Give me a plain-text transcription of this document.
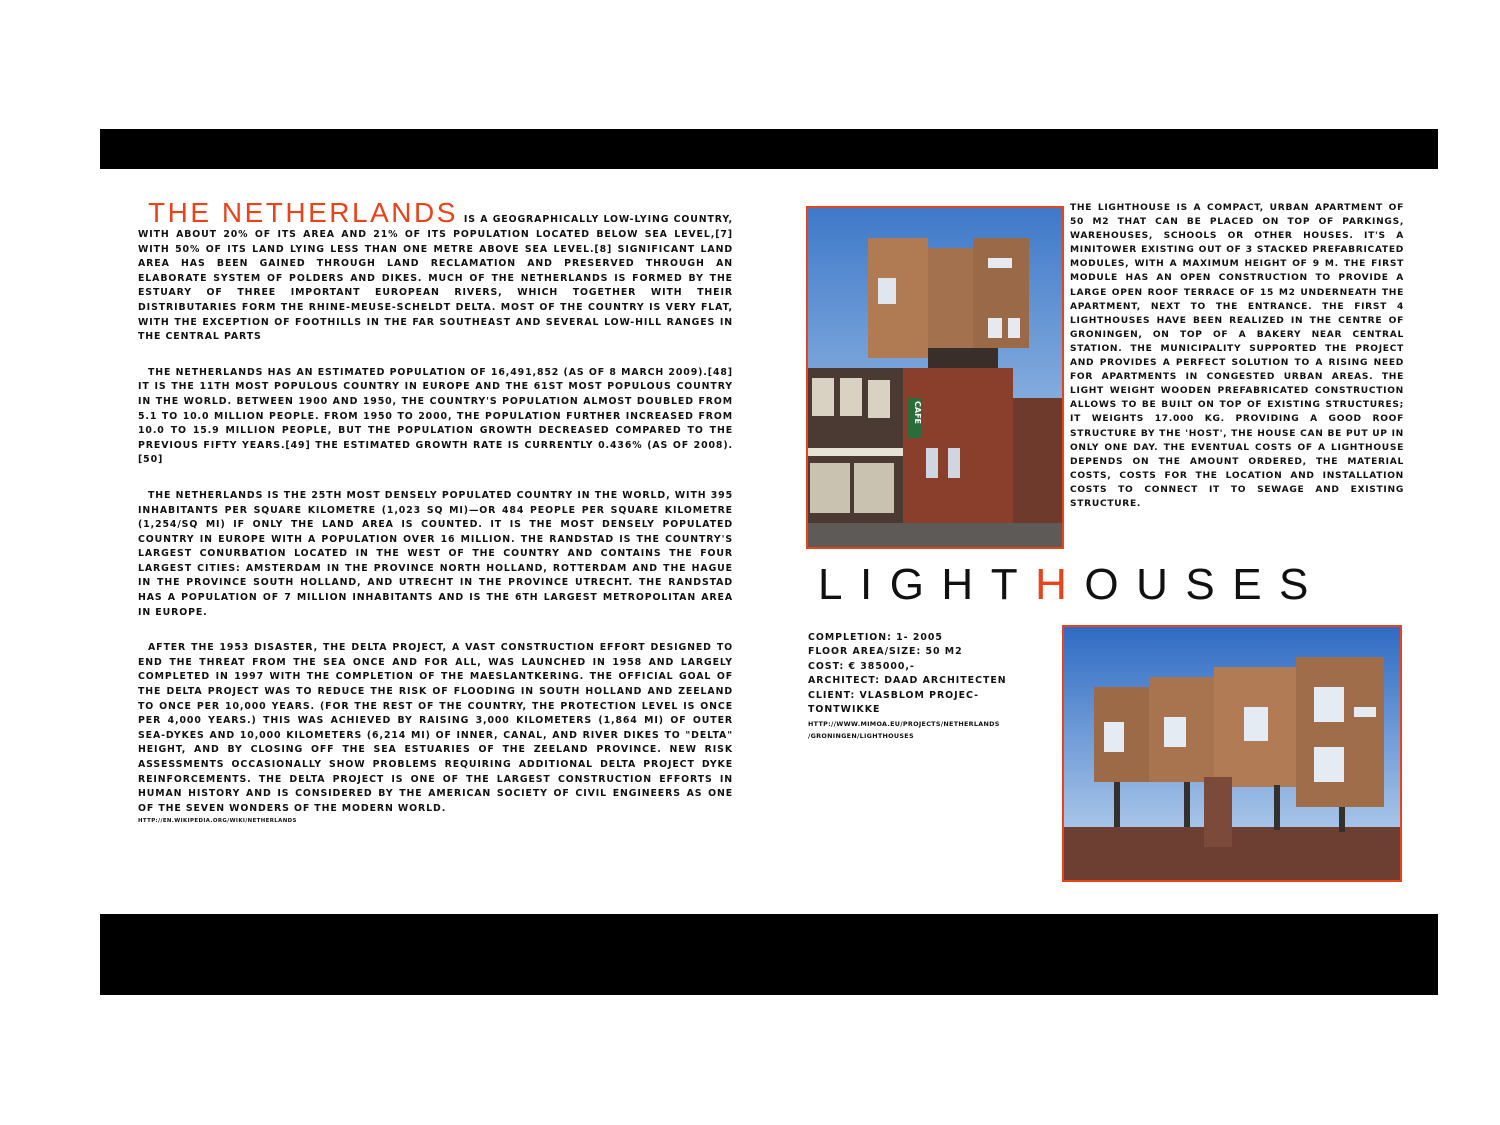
THE NETHERLANDS IS A GEOGRAPHICALLY LOW-LYING COUNTRY, WITH ABOUT 20% OF ITS AREA AND 21% OF ITS POPULATION LOCATED BELOW SEA LEVEL,[7] WITH 50% OF ITS LAND LYING LESS THAN ONE METRE ABOVE SEA LEVEL.[8] SIGNIFICANT LAND AREA HAS BEEN GAINED THROUGH LAND RECLAMATION AND PRESERVED THROUGH AN ELABORATE SYSTEM OF POLDERS AND DIKES. MUCH OF THE NETHERLANDS IS FORMED BY THE ESTUARY OF THREE IMPORTANT EUROPEAN RIVERS, WHICH TOGETHER WITH THEIR DISTRIBUTARIES FORM THE RHINE-MEUSE-SCHELDT DELTA. MOST OF THE COUNTRY IS VERY FLAT, WITH THE EXCEPTION OF FOOTHILLS IN THE FAR SOUTHEAST AND SEVERAL LOW-HILL RANGES IN THE CENTRAL PARTS

THE NETHERLANDS HAS AN ESTIMATED POPULATION OF 16,491,852 (AS OF 8 MARCH 2009).[48] IT IS THE 11TH MOST POPULOUS COUNTRY IN EUROPE AND THE 61ST MOST POPULOUS COUNTRY IN THE WORLD. BETWEEN 1900 AND 1950, THE COUNTRY'S POPULATION ALMOST DOUBLED FROM 5.1 TO 10.0 MILLION PEOPLE. FROM 1950 TO 2000, THE POPULATION FURTHER INCREASED FROM 10.0 TO 15.9 MILLION PEOPLE, BUT THE POPULATION GROWTH DECREASED COMPARED TO THE PREVIOUS FIFTY YEARS.[49] THE ESTIMATED GROWTH RATE IS CURRENTLY 0.436% (AS OF 2008).[50]

THE NETHERLANDS IS THE 25TH MOST DENSELY POPULATED COUNTRY IN THE WORLD, WITH 395 INHABITANTS PER SQUARE KILOMETRE (1,023 SQ MI)—OR 484 PEOPLE PER SQUARE KILOMETRE (1,254/SQ MI) IF ONLY THE LAND AREA IS COUNTED. IT IS THE MOST DENSELY POPULATED COUNTRY IN EUROPE WITH A POPULATION OVER 16 MILLION. THE RANDSTAD IS THE COUNTRY'S LARGEST CONURBATION LOCATED IN THE WEST OF THE COUNTRY AND CONTAINS THE FOUR LARGEST CITIES: AMSTERDAM IN THE PROVINCE NORTH HOLLAND, ROTTERDAM AND THE HAGUE IN THE PROVINCE SOUTH HOLLAND, AND UTRECHT IN THE PROVINCE UTRECHT. THE RANDSTAD HAS A POPULATION OF 7 MILLION INHABITANTS AND IS THE 6TH LARGEST METROPOLITAN AREA IN EUROPE.

AFTER THE 1953 DISASTER, THE DELTA PROJECT, A VAST CONSTRUCTION EFFORT DESIGNED TO END THE THREAT FROM THE SEA ONCE AND FOR ALL, WAS LAUNCHED IN 1958 AND LARGELY COMPLETED IN 1997 WITH THE COMPLETION OF THE MAESLANTKERING. THE OFFICIAL GOAL OF THE DELTA PROJECT WAS TO REDUCE THE RISK OF FLOODING IN SOUTH HOLLAND AND ZEELAND TO ONCE PER 10,000 YEARS. (FOR THE REST OF THE COUNTRY, THE PROTECTION LEVEL IS ONCE PER 4,000 YEARS.) THIS WAS ACHIEVED BY RAISING 3,000 KILOMETERS (1,864 MI) OF OUTER SEA-DYKES AND 10,000 KILOMETERS (6,214 MI) OF INNER, CANAL, AND RIVER DIKES TO "DELTA" HEIGHT, AND BY CLOSING OFF THE SEA ESTUARIES OF THE ZEELAND PROVINCE. NEW RISK ASSESSMENTS OCCASIONALLY SHOW PROBLEMS REQUIRING ADDITIONAL DELTA PROJECT DYKE REINFORCEMENTS. THE DELTA PROJECT IS ONE OF THE LARGEST CONSTRUCTION EFFORTS IN HUMAN HISTORY AND IS CONSIDERED BY THE AMERICAN SOCIETY OF CIVIL ENGINEERS AS ONE OF THE SEVEN WONDERS OF THE MODERN WORLD.

HTTP://EN.WIKIPEDIA.ORG/WIKI/NETHERLANDS
CAFE
THE LIGHTHOUSE IS A COMPACT, URBAN APARTMENT OF 50 M2 THAT CAN BE PLACED ON TOP OF PARKINGS, WAREHOUSES, SCHOOLS OR OTHER HOUSES. IT'S A MINITOWER EXISTING OUT OF 3 STACKED PREFABRICATED MODULES, WITH A MAXIMUM HEIGHT OF 9 M. THE FIRST MODULE HAS AN OPEN CONSTRUCTION TO PROVIDE A LARGE OPEN ROOF TERRACE OF 15 M2 UNDERNEATH THE APARTMENT, NEXT TO THE ENTRANCE. THE FIRST 4 LIGHTHOUSES HAVE BEEN REALIZED IN THE CENTRE OF GRONINGEN, ON TOP OF A BAKERY NEAR CENTRAL STATION. THE MUNICIPALITY SUPPORTED THE PROJECT AND PROVIDES A PERFECT SOLUTION TO A RISING NEED FOR APARTMENTS IN CONGESTED URBAN AREAS. THE LIGHT WEIGHT WOODEN PREFABRICATED CONSTRUCTION ALLOWS TO BE BUILT ON TOP OF EXISTING STRUCTURES; IT WEIGHTS 17.000 KG. PROVIDING A GOOD ROOF STRUCTURE BY THE 'HOST', THE HOUSE CAN BE PUT UP IN ONLY ONE DAY. THE EVENTUAL COSTS OF A LIGHTHOUSE DEPENDS ON THE AMOUNT ORDERED, THE MATERIAL COSTS, COSTS FOR THE LOCATION AND INSTALLATION COSTS TO CONNECT IT TO SEWAGE AND EXISTING STRUCTURE.
LIGHTHOUSES
COMPLETION: 1- 2005
FLOOR AREA/SIZE: 50 M2
COST: € 385000,-
ARCHITECT: DAAD ARCHITECTEN
CLIENT: VLASBLOM PROJEC-
TONTWIKKE
HTTP://WWW.MIMOA.EU/PROJECTS/NETHERLANDS
/GRONINGEN/LIGHTHOUSES
